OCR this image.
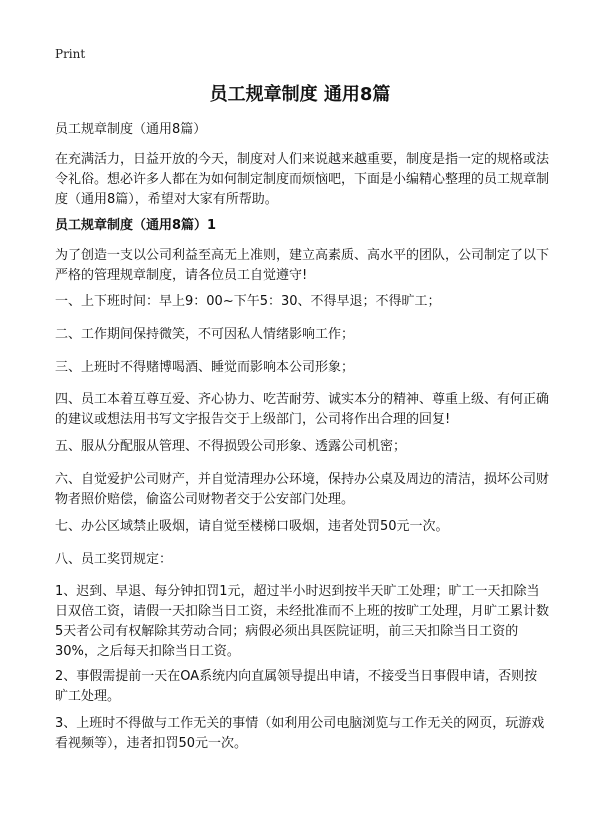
Print
员工规章制度 通用8篇

员工规章制度（通用8篇）

在充满活力，日益开放的今天，制度对人们来说越来越重要，制度是指一定的规格或法令礼俗。想必许多人都在为如何制定制度而烦恼吧，下面是小编精心整理的员工规章制度（通用8篇），希望对大家有所帮助。

员工规章制度（通用8篇）1

为了创造一支以公司利益至高无上准则，建立高素质、高水平的团队，公司制定了以下严格的管理规章制度，请各位员工自觉遵守!

一、上下班时间：早上9：00~下午5：30、不得早退；不得旷工；

二、工作期间保持微笑，不可因私人情绪影响工作；

三、上班时不得赌博喝酒、睡觉而影响本公司形象；

四、员工本着互尊互爱、齐心协力、吃苦耐劳、诚实本分的精神、尊重上级、有何正确的建议或想法用书写文字报告交于上级部门，公司将作出合理的回复!

五、服从分配服从管理、不得损毁公司形象、透露公司机密；

六、自觉爱护公司财产，并自觉清理办公环境，保持办公桌及周边的清洁，损坏公司财物者照价赔偿，偷盗公司财物者交于公安部门处理。

七、办公区域禁止吸烟，请自觉至楼梯口吸烟，违者处罚50元一次。

八、员工奖罚规定：

1、迟到、早退、每分钟扣罚1元，超过半小时迟到按半天旷工处理；旷工一天扣除当日双倍工资，请假一天扣除当日工资，未经批准而不上班的按旷工处理，月旷工累计数5天者公司有权解除其劳动合同；病假必须出具医院证明，前三天扣除当日工资的30%，之后每天扣除当日工资。

2、事假需提前一天在OA系统内向直属领导提出申请，不接受当日事假申请，否则按旷工处理。

3、上班时不得做与工作无关的事情（如利用公司电脑浏览与工作无关的网页，玩游戏看视频等），违者扣罚50元一次。
